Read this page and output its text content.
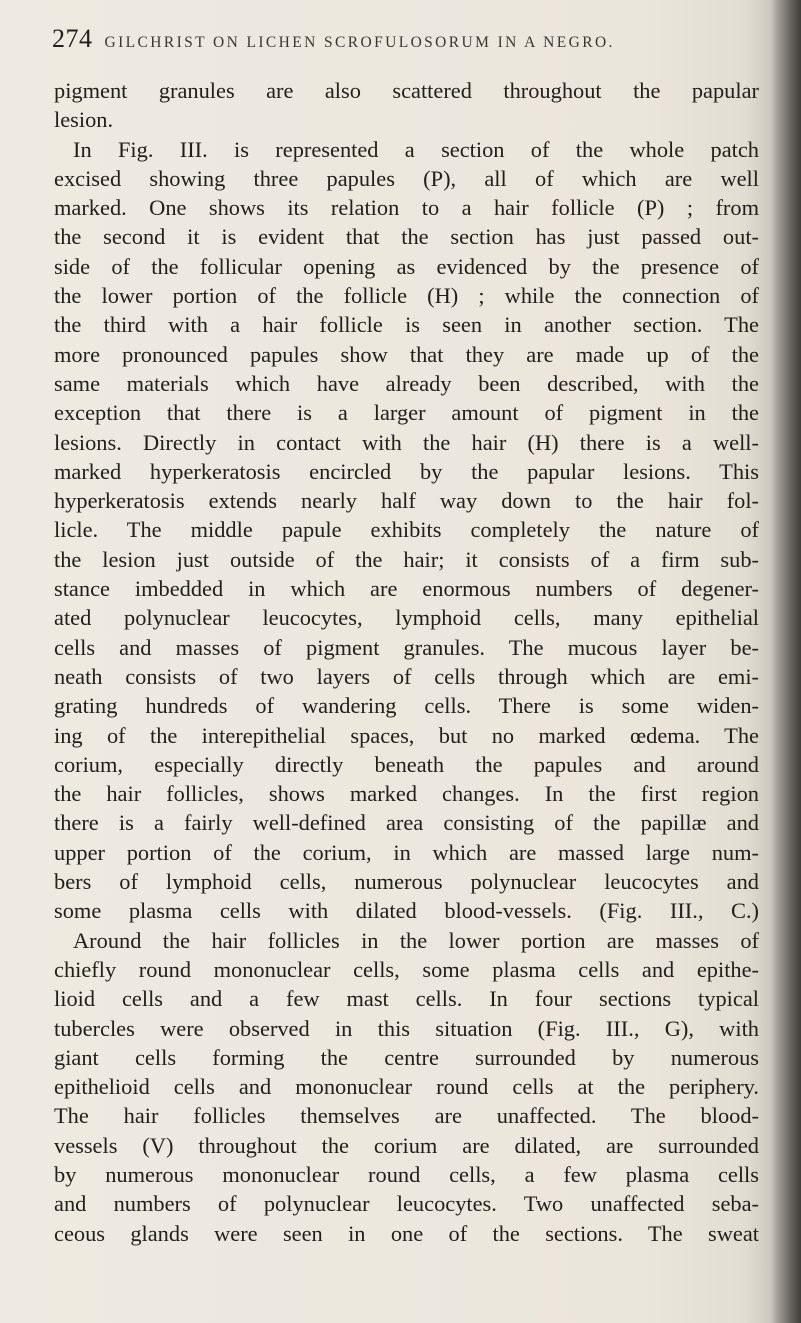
274 GILCHRIST ON LICHEN SCROFULOSORUM IN A NEGRO.
pigment granules are also scattered throughout the papular
lesion.
In Fig. III. is represented a section of the whole patch
excised showing three papules (P), all of which are well
marked. One shows its relation to a hair follicle (P) ; from
the second it is evident that the section has just passed out-
side of the follicular opening as evidenced by the presence of
the lower portion of the follicle (H) ; while the connection of
the third with a hair follicle is seen in another section. The
more pronounced papules show that they are made up of the
same materials which have already been described, with the
exception that there is a larger amount of pigment in the
lesions. Directly in contact with the hair (H) there is a well-
marked hyperkeratosis encircled by the papular lesions. This
hyperkeratosis extends nearly half way down to the hair fol-
licle. The middle papule exhibits completely the nature of
the lesion just outside of the hair; it consists of a firm sub-
stance imbedded in which are enormous numbers of degener-
ated polynuclear leucocytes, lymphoid cells, many epithelial
cells and masses of pigment granules. The mucous layer be-
neath consists of two layers of cells through which are emi-
grating hundreds of wandering cells. There is some widen-
ing of the interepithelial spaces, but no marked œdema. The
corium, especially directly beneath the papules and around
the hair follicles, shows marked changes. In the first region
there is a fairly well-defined area consisting of the papillæ and
upper portion of the corium, in which are massed large num-
bers of lymphoid cells, numerous polynuclear leucocytes and
some plasma cells with dilated blood-vessels. (Fig. III., C.)
Around the hair follicles in the lower portion are masses of
chiefly round mononuclear cells, some plasma cells and epithe-
lioid cells and a few mast cells. In four sections typical
tubercles were observed in this situation (Fig. III., G), with
giant cells forming the centre surrounded by numerous
epithelioid cells and mononuclear round cells at the periphery.
The hair follicles themselves are unaffected. The blood-
vessels (V) throughout the corium are dilated, are surrounded
by numerous mononuclear round cells, a few plasma cells
and numbers of polynuclear leucocytes. Two unaffected seba-
ceous glands were seen in one of the sections. The sweat
